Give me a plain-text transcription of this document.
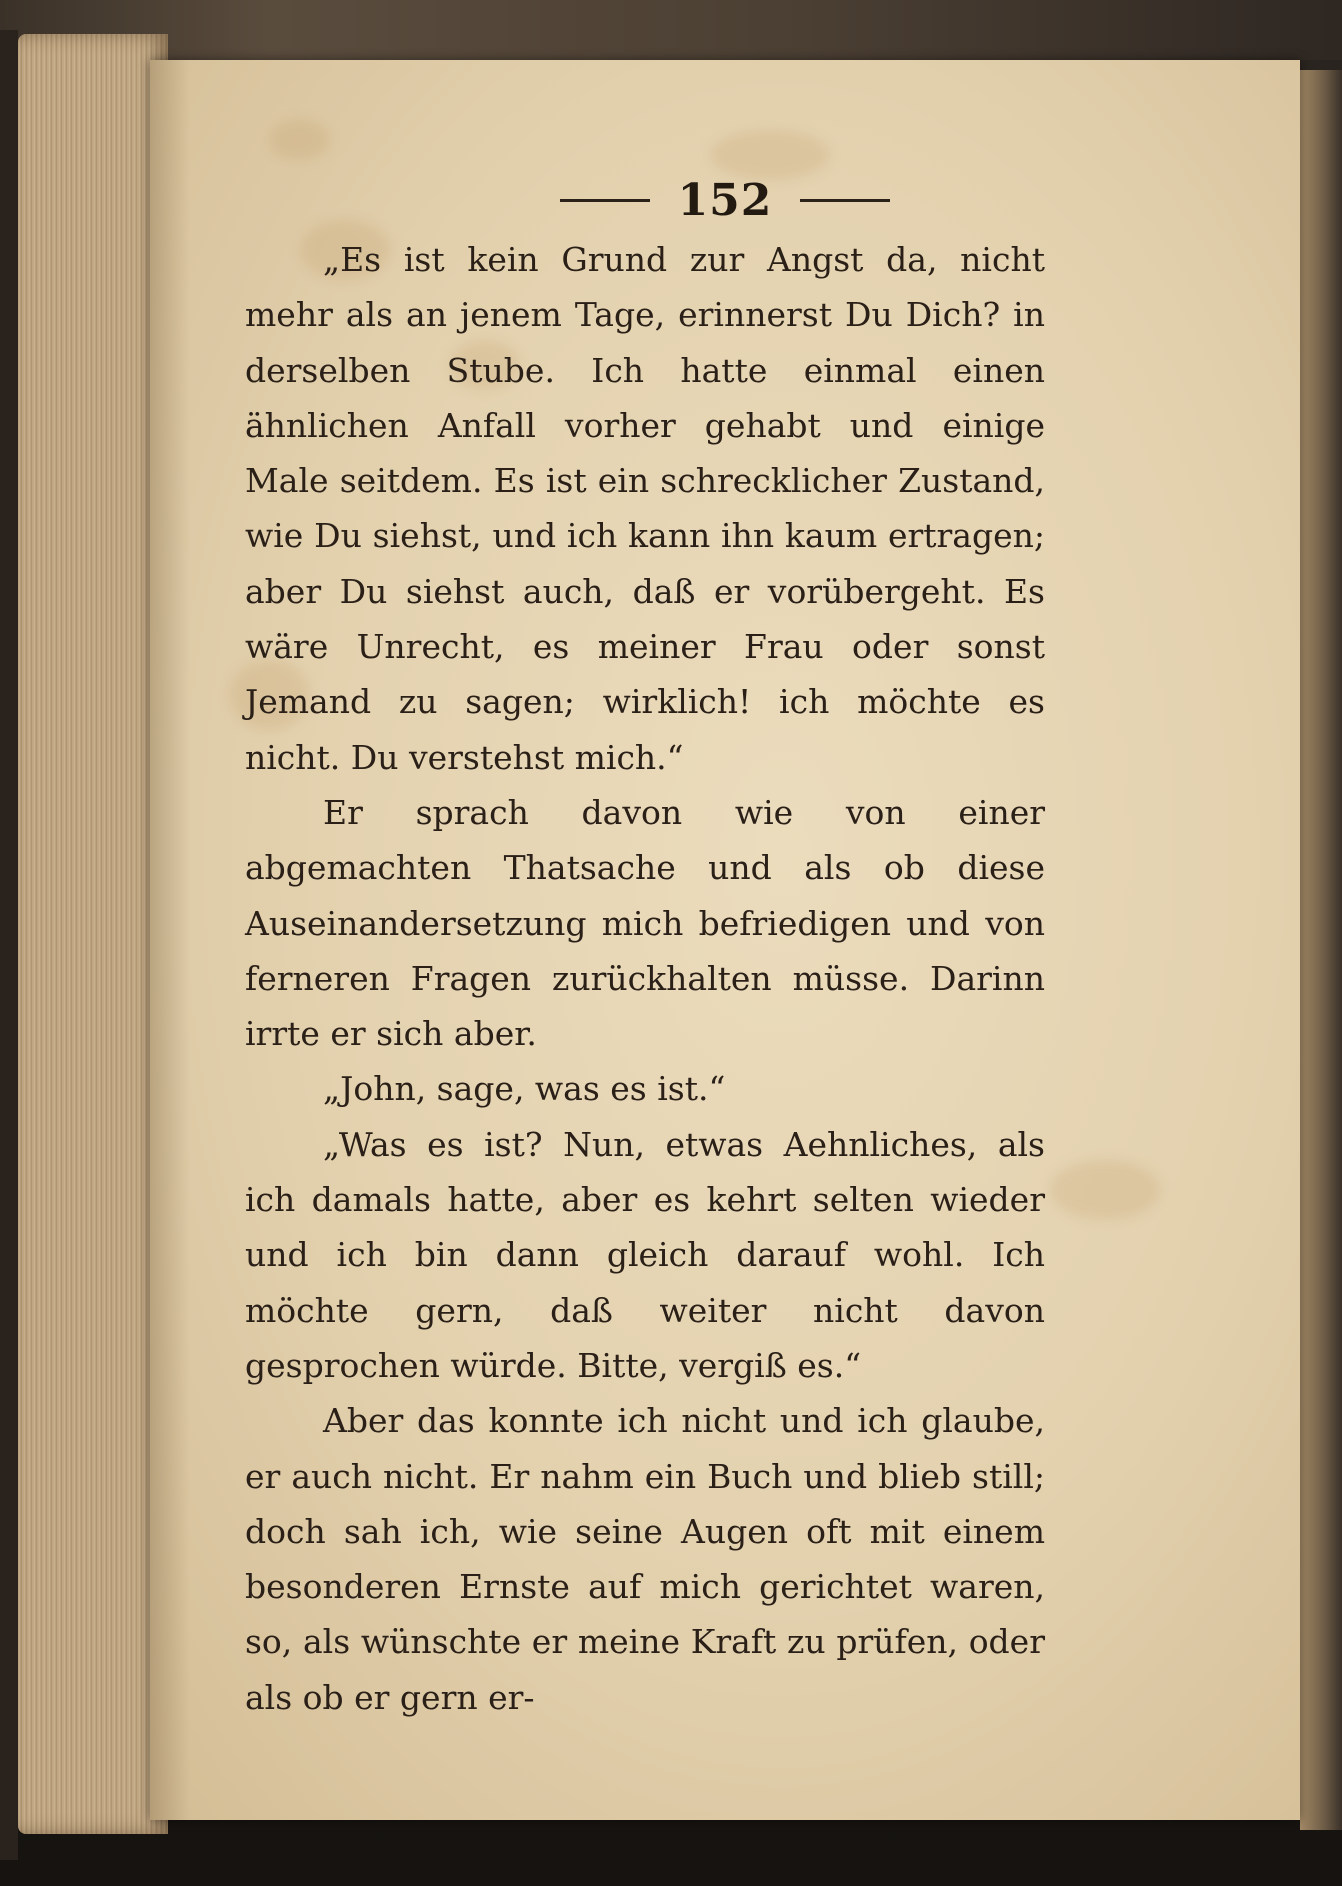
152

„Es ist kein Grund zur Angst da, nicht mehr als an jenem Tage, erinnerst Du Dich? in derselben Stube. Ich hatte einmal einen ähnlichen Anfall vorher gehabt und einige Male seitdem. Es ist ein schrecklicher Zustand, wie Du siehst, und ich kann ihn kaum ertragen; aber Du siehst auch, daß er vorübergeht. Es wäre Unrecht, es meiner Frau oder sonst Jemand zu sagen; wirklich! ich möchte es nicht. Du verstehst mich.“

Er sprach davon wie von einer abgemachten Thatsache und als ob diese Auseinandersetzung mich befriedigen und von ferneren Fragen zurückhalten müsse. Darinn irrte er sich aber.

„John, sage, was es ist.“

„Was es ist? Nun, etwas Aehnliches, als ich damals hatte, aber es kehrt selten wieder und ich bin dann gleich darauf wohl. Ich möchte gern, daß weiter nicht davon gesprochen würde. Bitte, vergiß es.“

Aber das konnte ich nicht und ich glaube, er auch nicht. Er nahm ein Buch und blieb still; doch sah ich, wie seine Augen oft mit einem besonderen Ernste auf mich gerichtet waren, so, als wünschte er meine Kraft zu prüfen, oder als ob er gern er-
